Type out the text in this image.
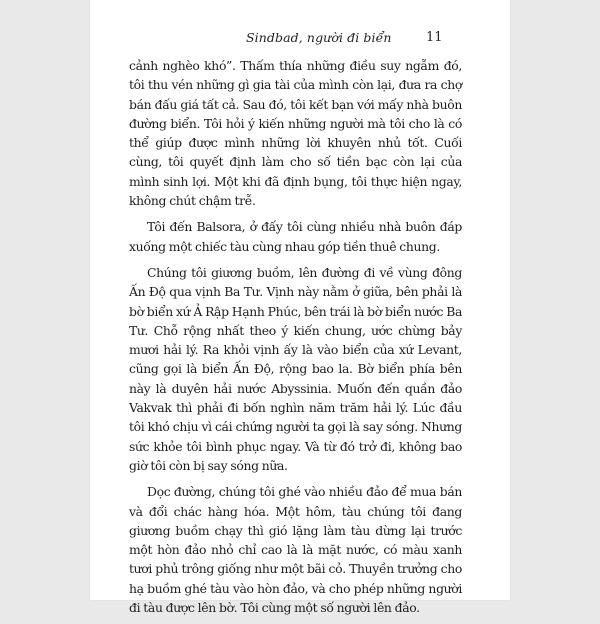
Sindbad, người đi biển	11

cảnh nghèo khó”. Thấm thía những điều suy ngẫm đó, tôi thu vén những gì gia tài của mình còn lại, đưa ra chợ bán đấu giá tất cả. Sau đó, tôi kết bạn với mấy nhà buôn đường biển. Tôi hỏi ý kiến những người mà tôi cho là có thể giúp được mình những lời khuyên nhủ tốt. Cuối cùng, tôi quyết định làm cho số tiền bạc còn lại của mình sinh lợi. Một khi đã định bụng, tôi thực hiện ngay, không chút chậm trễ.

Tôi đến Balsora, ở đấy tôi cùng nhiều nhà buôn đáp xuống một chiếc tàu cùng nhau góp tiền thuê chung.

Chúng tôi giương buồm, lên đường đi về vùng đông Ấn Độ qua vịnh Ba Tư. Vịnh này nằm ở giữa, bên phải là bờ biển xứ Ả Rập Hạnh Phúc, bên trái là bờ biển nước Ba Tư. Chỗ rộng nhất theo ý kiến chung, ước chừng bảy mươi hải lý. Ra khỏi vịnh ấy là vào biển của xứ Levant, cũng gọi là biển Ấn Độ, rộng bao la. Bờ biển phía bên này là duyên hải nước Abyssinia. Muốn đến quần đảo Vakvak thì phải đi bốn nghìn năm trăm hải lý. Lúc đầu tôi khó chịu vì cái chứng người ta gọi là say sóng. Nhưng sức khỏe tôi bình phục ngay. Và từ đó trở đi, không bao giờ tôi còn bị say sóng nữa.

Dọc đường, chúng tôi ghé vào nhiều đảo để mua bán và đổi chác hàng hóa. Một hôm, tàu chúng tôi đang giương buồm chạy thì gió lặng làm tàu dừng lại trước một hòn đảo nhỏ chỉ cao là là mặt nước, có màu xanh tươi phủ trông giống như một bãi cỏ. Thuyền trưởng cho hạ buồm ghé tàu vào hòn đảo, và cho phép những người đi tàu được lên bờ. Tôi cùng một số người lên đảo.
